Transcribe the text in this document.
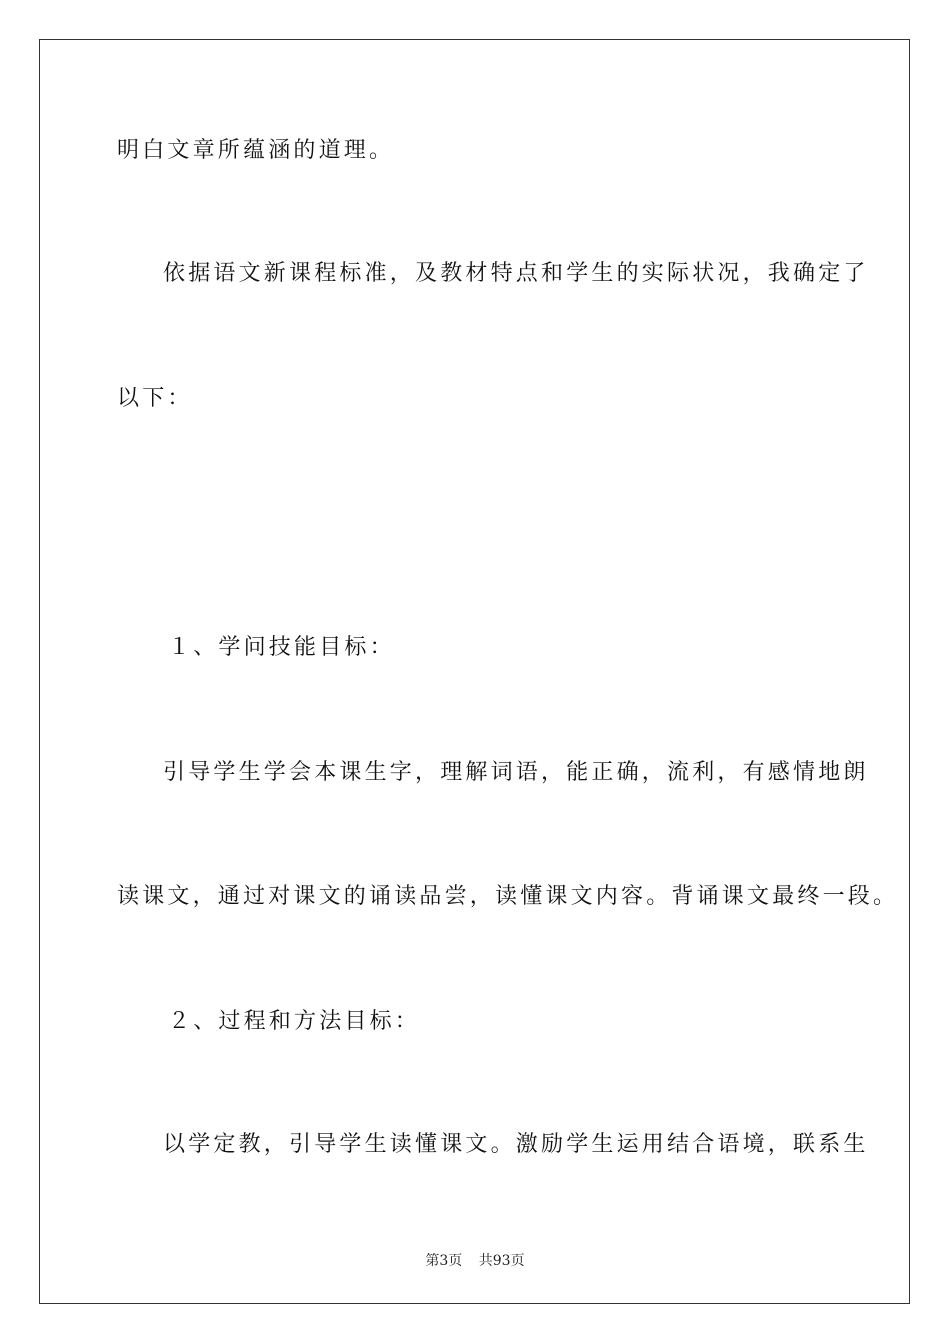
明白文章所蕴涵的道理。
依据语文新课程标准，及教材特点和学生的实际状况，我确定了
以下：
１、学问技能目标：
引导学生学会本课生字，理解词语，能正确，流利，有感情地朗
读课文，通过对课文的诵读品尝，读懂课文内容。背诵课文最终一段。
２、过程和方法目标：
以学定教，引导学生读懂课文。激励学生运用结合语境，联系生
第3页 共93页
